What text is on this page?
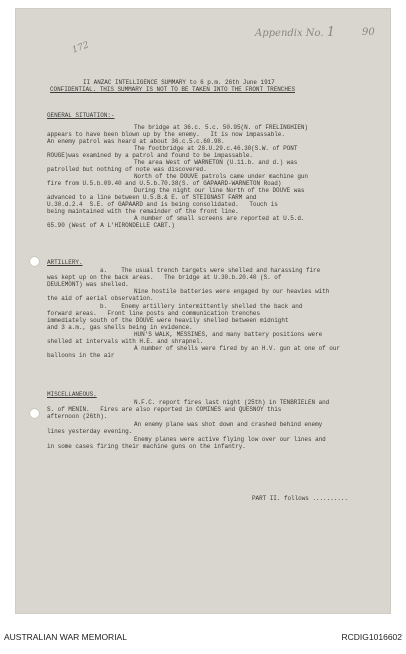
Appendix No. 1	90
172
II ANZAC INTELLIGENCE SUMMARY to 6 p.m. 26th June 1917
CONFIDENTIAL. THIS SUMMARY IS NOT TO BE TAKEN INTO THE FRONT TRENCHES
GENERAL SITUATION:-
The bridge at 36.c. 5.c. 50.95(N. of FRELINGHIEN)
appears to have been blown up by the enemy.   It is now impassable.
An enemy patrol was heard at about 36.c.5.c.60.98.
The footbridge at 28.U.29.c.46.30(S.W. of PONT
ROUGE)was examined by a patrol and found to be impassable.
The area West of WARNETON (U.11.b. and d.) was
patrolled but nothing of note was discovered.
North of the DOUVE patrols came under machine gun
fire from U.5.b.09.40 and U.5.b.70.38(S. of GAPAARD-WARNETON Road)
During the night our line North of the DOUVE was
advanced to a line between U.5.B.& E. of STEIGNAST FARM and
U.30.d.2.4  S.E. of GAPAARD and is being consolidated.   Touch is
being maintained with the remainder of the front line.
A number of small screens are reported at U.5.d.
65.90 (West of A L'HIRONDELLE CABT.)
ARTILLERY.
a.    The usual trench targets were shelled and harassing fire
was kept up on the back areas.   The bridge at U.30.b.20.40 (S. of
DEULEMONT) was shelled.
Nine hostile batteries were engaged by our heavies with
the aid of aerial observation.
b.    Enemy artillery intermittently shelled the back and
forward areas.   Front line posts and communication trenches
immediately south of the DOUVE were heavily shelled between midnight
and 3 a.m., gas shells being in evidence.
HUN'S WALK, MESSINES, and many battery positions were
shelled at intervals with H.E. and shrapnel.
A number of shells were fired by an H.V. gun at one of our
balloons in the air
MISCELLANEOUS.
N.F.C. report fires last night (25th) in TENBRIELEN and
S. of MENIN.   Fires are also reported in COMINES and QUESNOY this
afternoon (26th).
An enemy plane was shot down and crashed behind enemy
lines yesterday evening.
Enemy planes were active flying low over our lines and
in some cases firing their machine guns on the infantry.
PART II. follows ..........
AUSTRALIAN WAR MEMORIAL	RCDIG1016602
